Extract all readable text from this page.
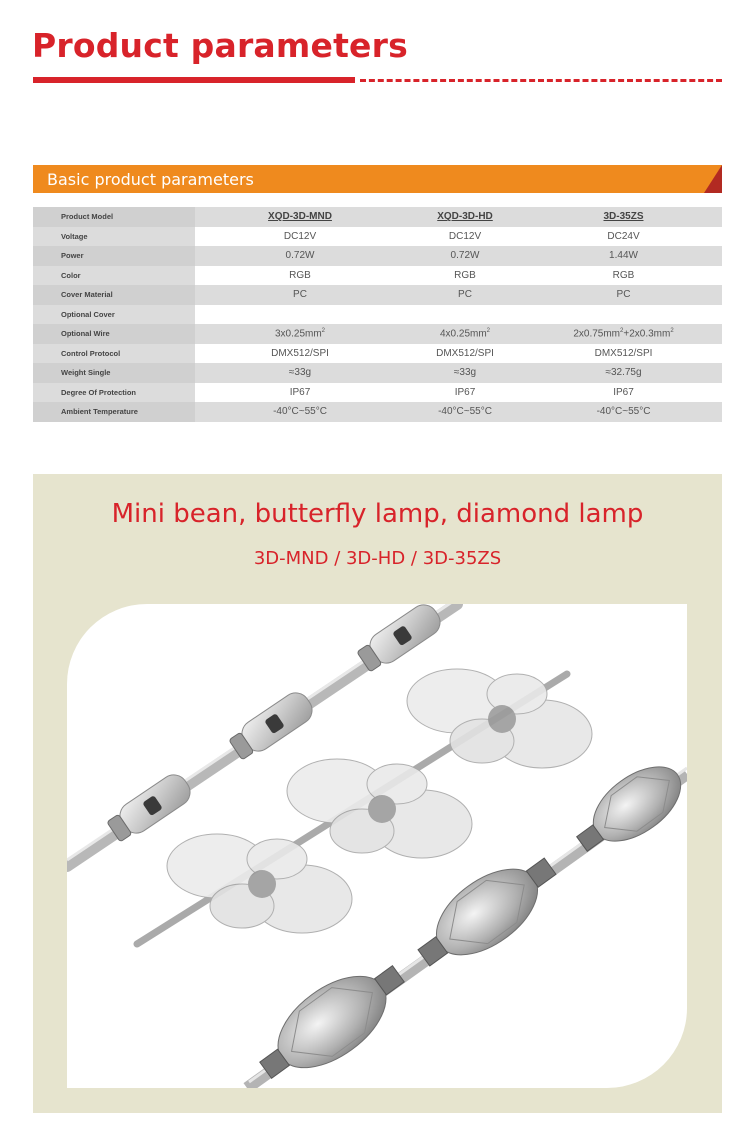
Product parameters
Basic product parameters
Product Model	XQD-3D-MND	XQD-3D-HD	3D-35ZS
Voltage	DC12V	DC12V	DC24V
Power	0.72W	0.72W	1.44W
Color	RGB	RGB	RGB
Cover Material	PC	PC	PC
Optional Cover			
Optional Wire	$3x0.25mm^2$	$4x0.25mm^2$	$2x0.75mm^2+2x0.3mm^2$
Control Protocol	DMX512/SPI	DMX512/SPI	DMX512/SPI
Weight Single	≈33g	≈33g	≈32.75g
Degree Of Protection	IP67	IP67	IP67
Ambient Temperature	-40°C~55°C	-40°C~55°C	-40°C~55°C
Mini bean, butterfly lamp, diamond lamp
3D-MND / 3D-HD / 3D-35ZS
